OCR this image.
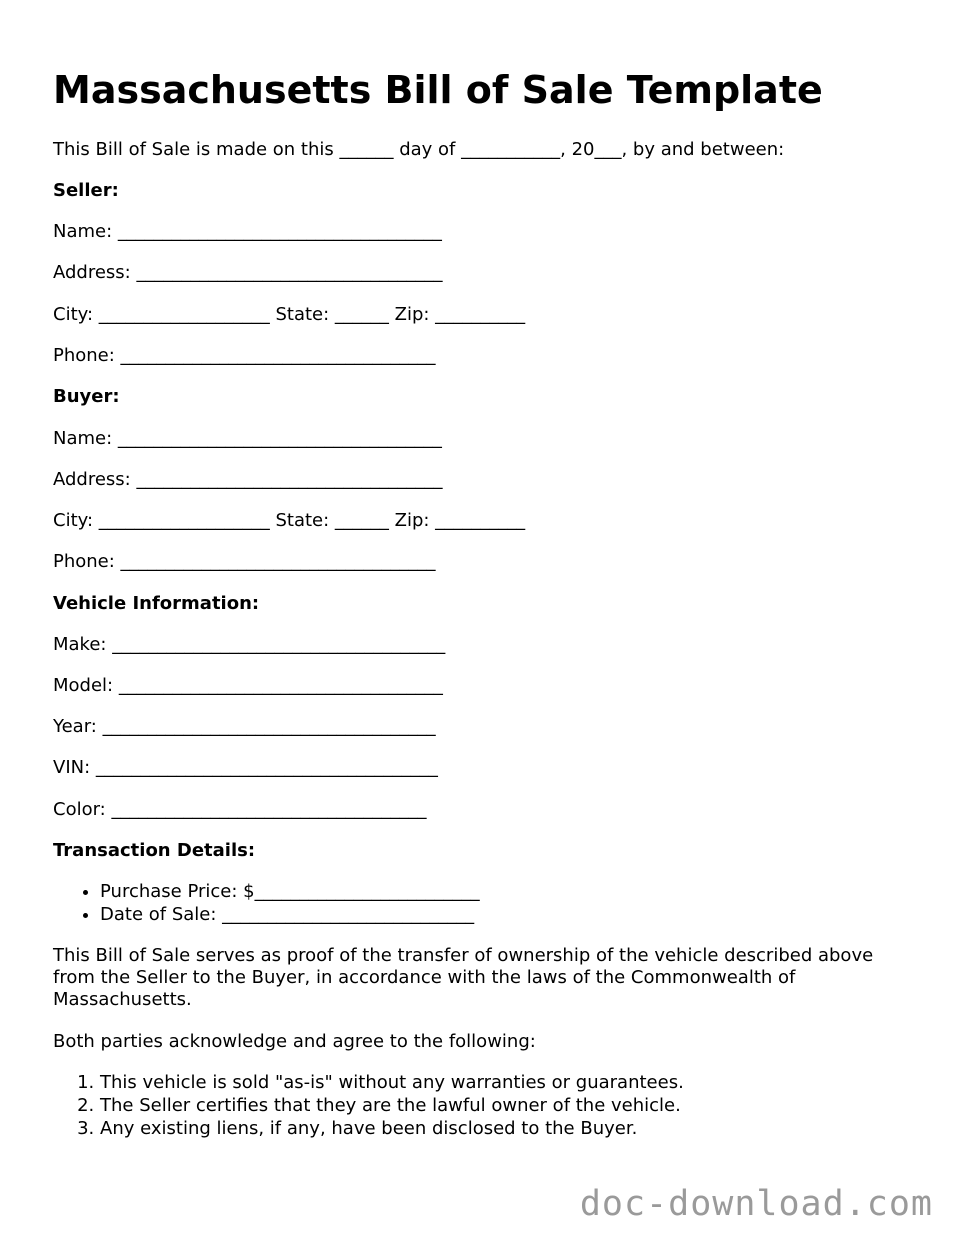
Massachusetts Bill of Sale Template

This Bill of Sale is made on this ______ day of ___________, 20___, by and between:

Seller:

Name: ____________________________________

Address: __________________________________

City: ___________________ State: ______ Zip: __________

Phone: ___________________________________

Buyer:

Name: ____________________________________

Address: __________________________________

City: ___________________ State: ______ Zip: __________

Phone: ___________________________________

Vehicle Information:

Make: _____________________________________

Model: ____________________________________

Year: _____________________________________

VIN: ______________________________________

Color: ___________________________________

Transaction Details:

• Purchase Price: $_________________________
• Date of Sale: ____________________________

This Bill of Sale serves as proof of the transfer of ownership of the vehicle described above from the Seller to the Buyer, in accordance with the laws of the Commonwealth of Massachusetts.

Both parties acknowledge and agree to the following:

1. This vehicle is sold "as-is" without any warranties or guarantees.
2. The Seller certifies that they are the lawful owner of the vehicle.
3. Any existing liens, if any, have been disclosed to the Buyer.
doc-download.com
